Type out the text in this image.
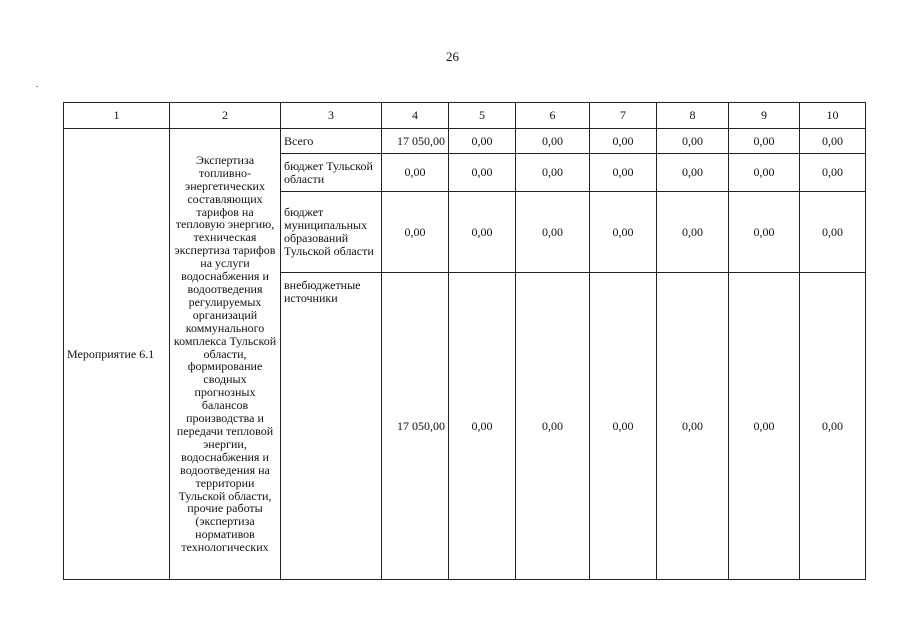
26
1	2	3	4	5	6	7	8	9	10
Мероприятие 6.1	Экспертиза топливно-энергетических составляющих тарифов на тепловую энергию, техническая экспертиза тарифов на услуги водоснабжения и водоотведения регулируемых организаций коммунального комплекса Тульской области, формирование сводных прогнозных балансов производства и передачи тепловой энергии, водоснабжения и водоотведения на территории Тульской области, прочие работы (экспертиза нормативов технологических	Всего	17 050,00	0,00	0,00	0,00	0,00	0,00	0,00
		бюджет Тульской области	0,00	0,00	0,00	0,00	0,00	0,00	0,00
		бюджет муниципальных образований Тульской области	0,00	0,00	0,00	0,00	0,00	0,00	0,00
		внебюджетные источники	17 050,00	0,00	0,00	0,00	0,00	0,00	0,00
